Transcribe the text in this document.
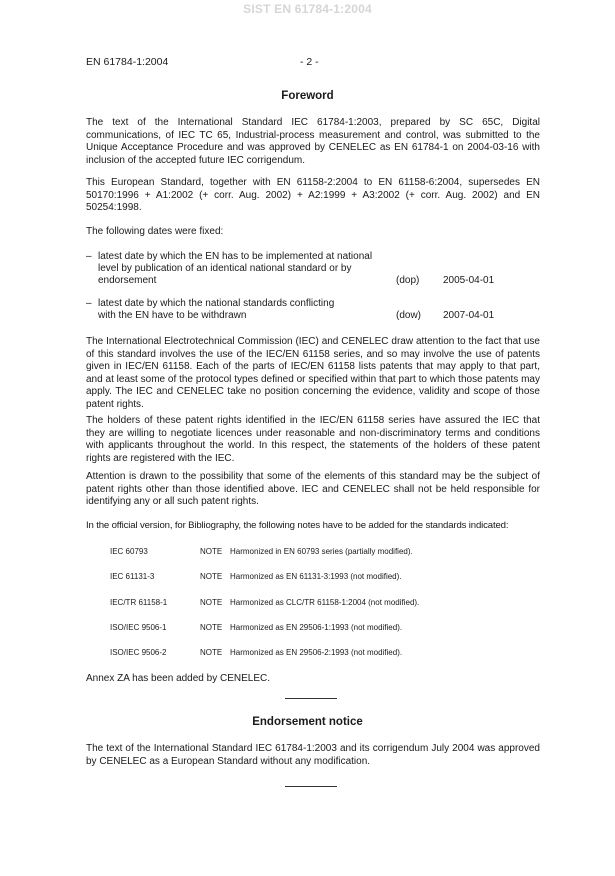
SIST EN 61784-1:2004
EN 61784-1:2004	- 2 -
Foreword
The text of the International Standard IEC 61784-1:2003, prepared by SC 65C, Digital communications, of IEC TC 65, Industrial-process measurement and control, was submitted to the Unique Acceptance Procedure and was approved by CENELEC as EN 61784-1 on 2004-03-16 with inclusion of the accepted future IEC corrigendum.
This European Standard, together with EN 61158-2:2004 to EN 61158-6:2004, supersedes EN 50170:1996 + A1:2002 (+ corr. Aug. 2002) + A2:1999 + A3:2002 (+ corr. Aug. 2002) and EN 50254:1998.
The following dates were fixed:
– latest date by which the EN has to be implemented at national level by publication of an identical national standard or by endorsement	(dop) 2005-04-01
– latest date by which the national standards conflicting with the EN have to be withdrawn	(dow) 2007-04-01
The International Electrotechnical Commission (IEC) and CENELEC draw attention to the fact that use of this standard involves the use of the IEC/EN 61158 series, and so may involve the use of patents given in IEC/EN 61158. Each of the parts of IEC/EN 61158 lists patents that may apply to that part, and at least some of the protocol types defined or specified within that part to which those patents may apply. The IEC and CENELEC take no position concerning the evidence, validity and scope of those patent rights.
The holders of these patent rights identified in the IEC/EN 61158 series have assured the IEC that they are willing to negotiate licences under reasonable and non-discriminatory terms and conditions with applicants throughout the world. In this respect, the statements of the holders of these patent rights are registered with the IEC.
Attention is drawn to the possibility that some of the elements of this standard may be the subject of patent rights other than those identified above. IEC and CENELEC shall not be held responsible for identifying any or all such patent rights.
In the official version, for Bibliography, the following notes have to be added for the standards indicated:
IEC 60793	NOTE Harmonized in EN 60793 series (partially modified).
IEC 61131-3	NOTE Harmonized as EN 61131-3:1993 (not modified).
IEC/TR 61158-1	NOTE Harmonized as CLC/TR 61158-1:2004 (not modified).
ISO/IEC 9506-1	NOTE Harmonized as EN 29506-1:1993 (not modified).
ISO/IEC 9506-2	NOTE Harmonized as EN 29506-2:1993 (not modified).
Annex ZA has been added by CENELEC.
Endorsement notice
The text of the International Standard IEC 61784-1:2003 and its corrigendum July 2004 was approved by CENELEC as a European Standard without any modification.
